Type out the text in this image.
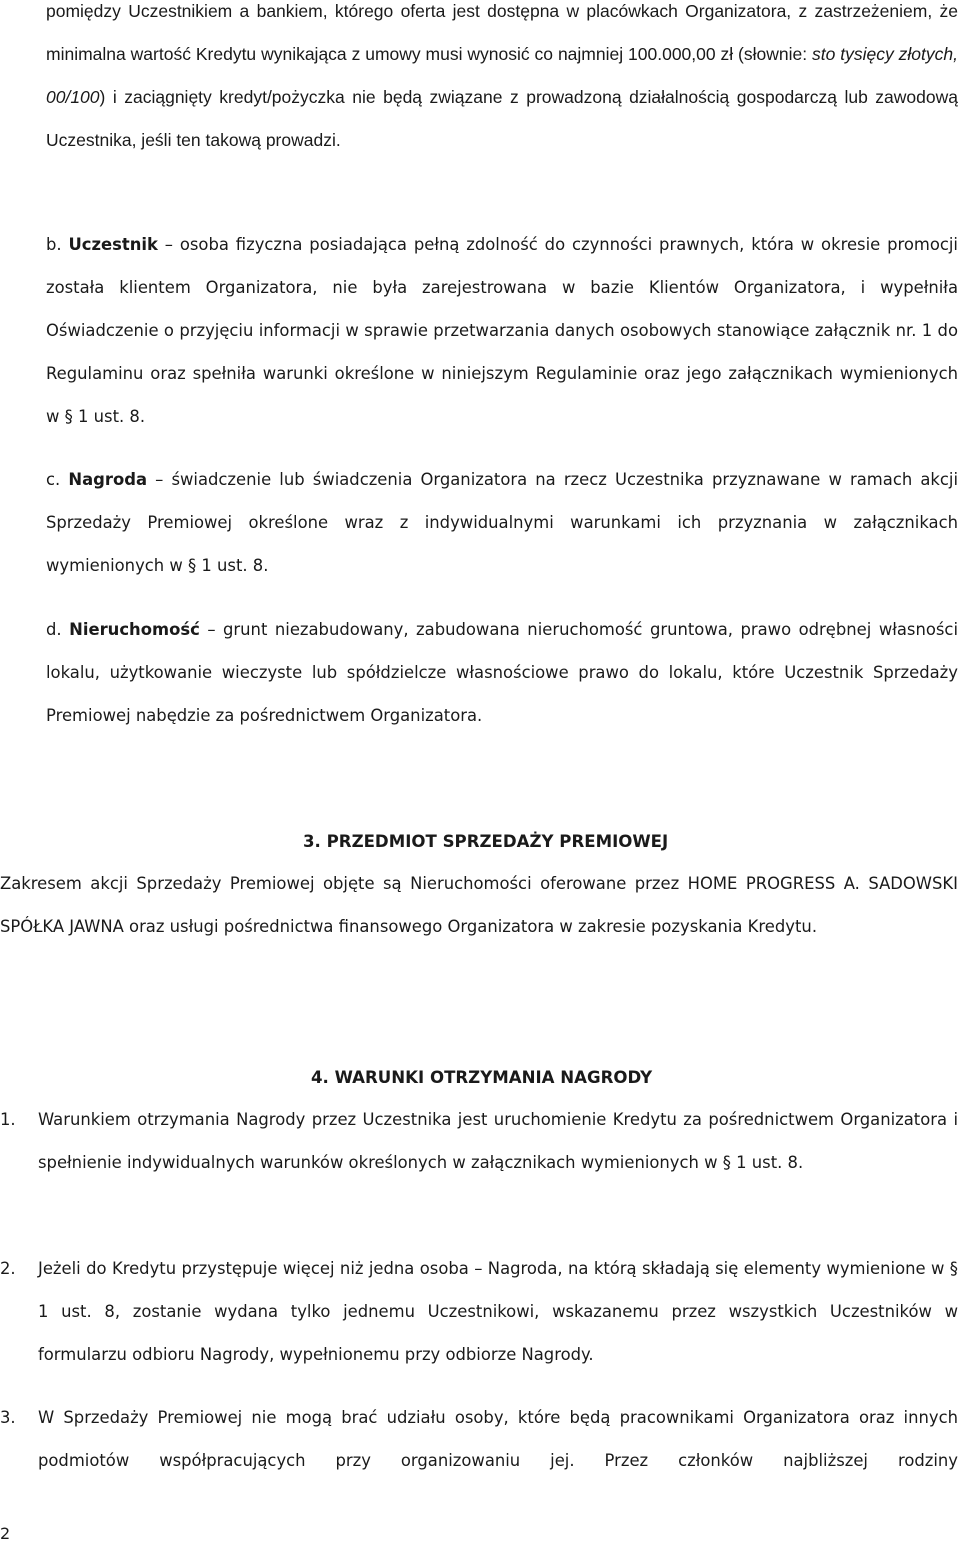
pomiędzy Uczestnikiem a bankiem, którego oferta jest dostępna w placówkach Organizatora, z zastrzeżeniem, że minimalna wartość Kredytu wynikająca z umowy musi wynosić co najmniej 100.000,00 zł (słownie: sto tysięcy złotych, 00/100) i zaciągnięty kredyt/pożyczka nie będą związane z prowadzoną działalnością gospodarczą lub zawodową Uczestnika, jeśli ten takową prowadzi.

b. Uczestnik – osoba fizyczna posiadająca pełną zdolność do czynności prawnych, która w okresie promocji została klientem Organizatora, nie była zarejestrowana w bazie Klientów Organizatora, i wypełniła Oświadczenie o przyjęciu informacji w sprawie przetwarzania danych osobowych stanowiące załącznik nr. 1 do Regulaminu oraz spełniła warunki określone w niniejszym Regulaminie oraz jego załącznikach wymienionych w § 1 ust. 8.

c. Nagroda – świadczenie lub świadczenia Organizatora na rzecz Uczestnika przyznawane w ramach akcji Sprzedaży Premiowej określone wraz z indywidualnymi warunkami ich przyznania w załącznikach wymienionych w § 1 ust. 8.

d. Nieruchomość – grunt niezabudowany, zabudowana nieruchomość gruntowa, prawo odrębnej własności lokalu, użytkowanie wieczyste lub spółdzielcze własnościowe prawo do lokalu, które Uczestnik Sprzedaży Premiowej nabędzie za pośrednictwem Organizatora.

3. PRZEDMIOT SPRZEDAŻY PREMIOWEJ

Zakresem akcji Sprzedaży Premiowej objęte są Nieruchomości oferowane przez HOME PROGRESS A. SADOWSKI SPÓŁKA JAWNA oraz usługi pośrednictwa finansowego Organizatora w zakresie pozyskania Kredytu.

4. WARUNKI OTRZYMANIA NAGRODY
1. Warunkiem otrzymania Nagrody przez Uczestnika jest uruchomienie Kredytu za pośrednictwem Organizatora i spełnienie indywidualnych warunków określonych w załącznikach wymienionych w § 1 ust. 8.
2. Jeżeli do Kredytu przystępuje więcej niż jedna osoba – Nagroda, na którą składają się elementy wymienione w § 1 ust. 8, zostanie wydana tylko jednemu Uczestnikowi, wskazanemu przez wszystkich Uczestników w formularzu odbioru Nagrody, wypełnionemu przy odbiorze Nagrody.
3. W Sprzedaży Premiowej nie mogą brać udziału osoby, które będą pracownikami Organizatora oraz innych podmiotów współpracujących przy organizowaniu jej. Przez członków najbliższej rodziny
2
